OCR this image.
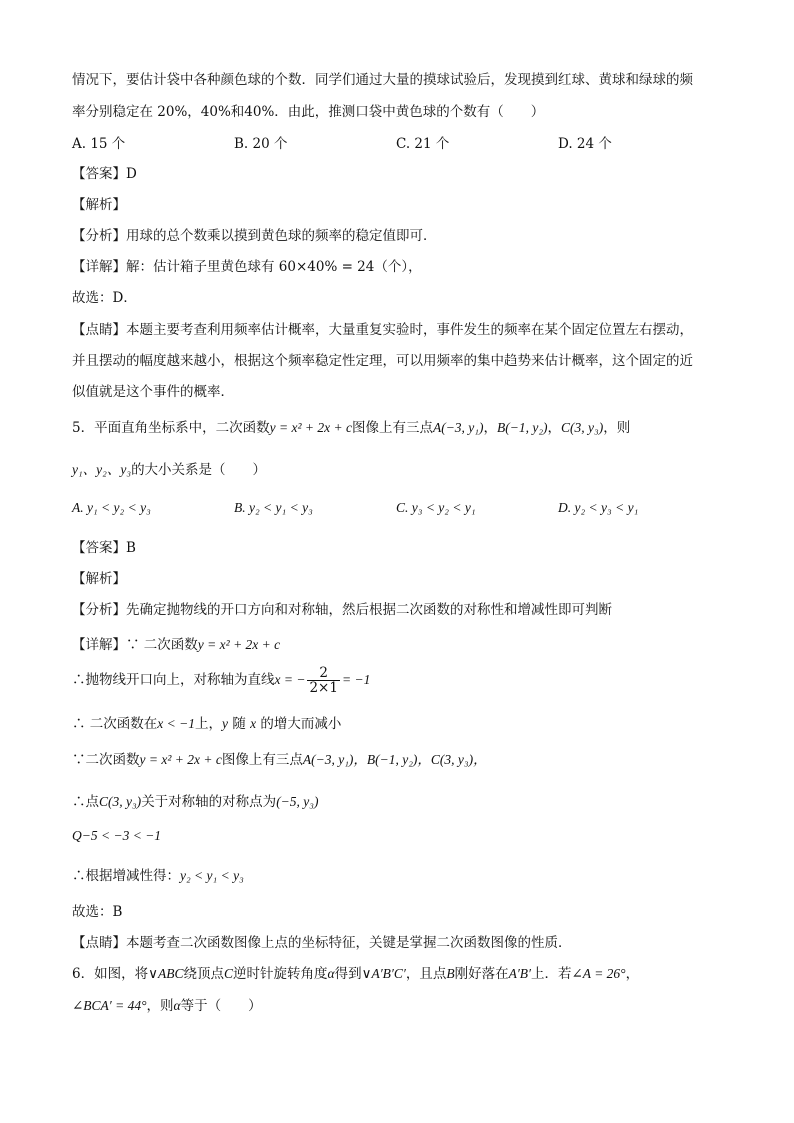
情况下，要估计袋中各种颜色球的个数．同学们通过大量的摸球试验后，发现摸到红球、黄球和绿球的频
率分别稳定在 20%，40%和40%．由此，推测口袋中黄色球的个数有（　　）
A. 15 个	B. 20 个	C. 21 个	D. 24 个
【答案】D
【解析】
【分析】用球的总个数乘以摸到黄色球的频率的稳定值即可．
【详解】解：估计箱子里黄色球有 60×40% = 24（个），
故选：D．
【点睛】本题主要考查利用频率估计概率，大量重复实验时，事件发生的频率在某个固定位置左右摆动，
并且摆动的幅度越来越小，根据这个频率稳定性定理，可以用频率的集中趋势来估计概率，这个固定的近
似值就是这个事件的概率．
5．平面直角坐标系中，二次函数y = x² + 2x + c图像上有三点A(−3, y₁)，B(−1, y₂)，C(3, y₃)，则
y₁、y₂、y₃的大小关系是（　　）
A. y₁ < y₂ < y₃	B. y₂ < y₁ < y₃	C. y₃ < y₂ < y₁	D. y₂ < y₃ < y₁
【答案】B
【解析】
【分析】先确定抛物线的开口方向和对称轴，然后根据二次函数的对称性和增减性即可判断
【详解】∵ 二次函数y = x² + 2x + c
∴抛物线开口向上，对称轴为直线x = − $\frac{2}{2\times 1} = -1$
∴ 二次函数在x < −1上，y 随 x 的增大而减小
∵二次函数y = x² + 2x + c图像上有三点A(−3, y₁)，B(−1, y₂)，C(3, y₃)，
∴点C(3, y₃)关于对称轴的对称点为(−5, y₃)
Q−5 < −3 < −1
∴根据增减性得：y₂ < y₁ < y₃
故选：B
【点睛】本题考查二次函数图像上点的坐标特征，关键是掌握二次函数图像的性质．
6．如图，将∨ABC绕顶点C逆时针旋转角度α得到∨A′B′C′，且点B刚好落在A′B′上．若∠A = 26°，
∠BCA′ = 44°，则α等于（　　）
